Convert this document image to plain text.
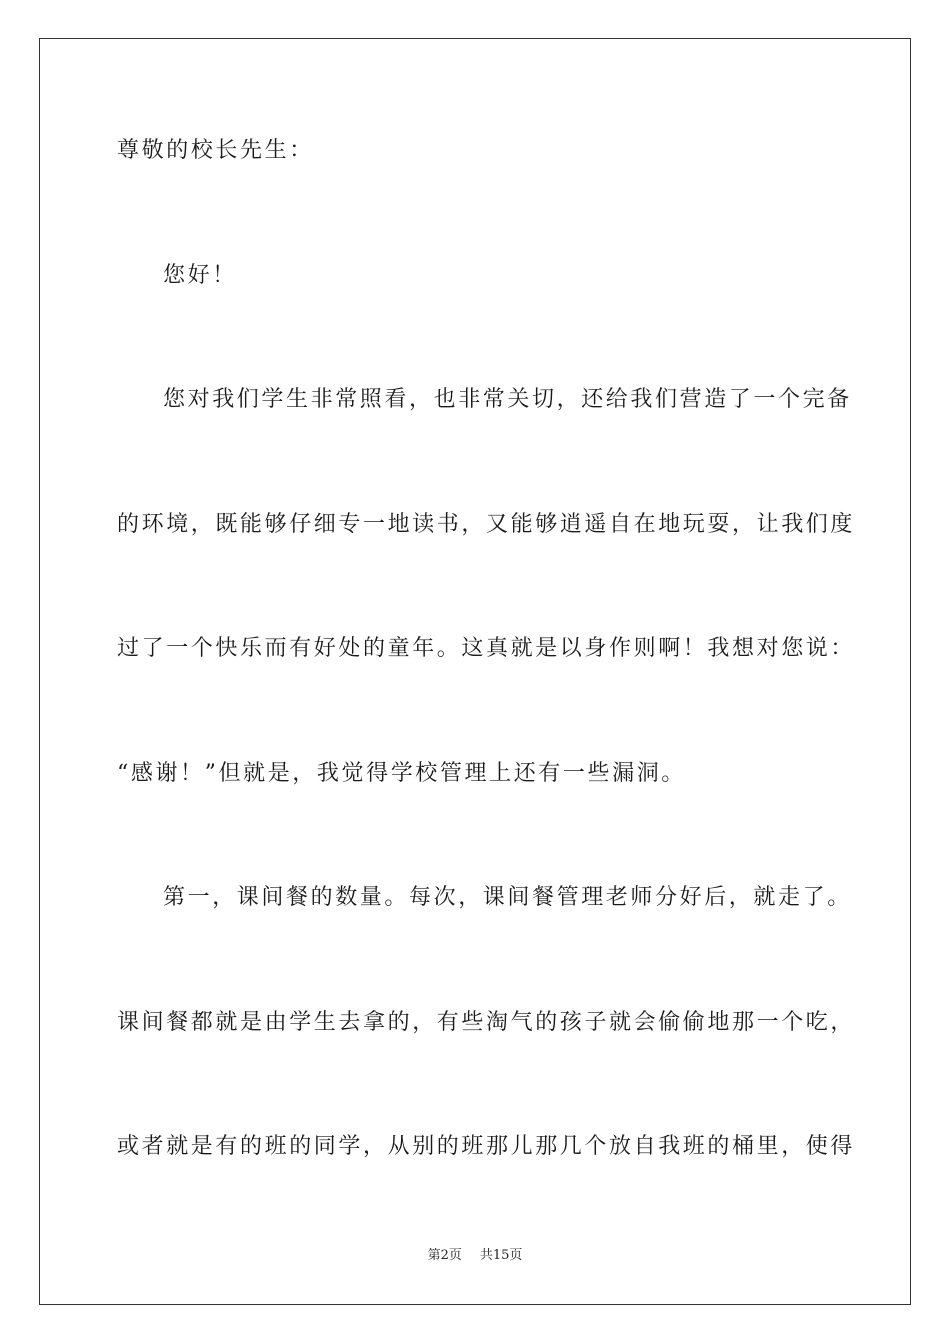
尊敬的校长先生：
您好！
您对我们学生非常照看，也非常关切，还给我们营造了一个完备
的环境，既能够仔细专一地读书，又能够逍遥自在地玩耍，让我们度
过了一个快乐而有好处的童年。这真就是以身作则啊！我想对您说：
“感谢！”但就是，我觉得学校管理上还有一些漏洞。
第一，课间餐的数量。每次，课间餐管理老师分好后，就走了。
课间餐都就是由学生去拿的，有些淘气的孩子就会偷偷地那一个吃，
或者就是有的班的同学，从别的班那儿那几个放自我班的桶里，使得
第2页 共15页
